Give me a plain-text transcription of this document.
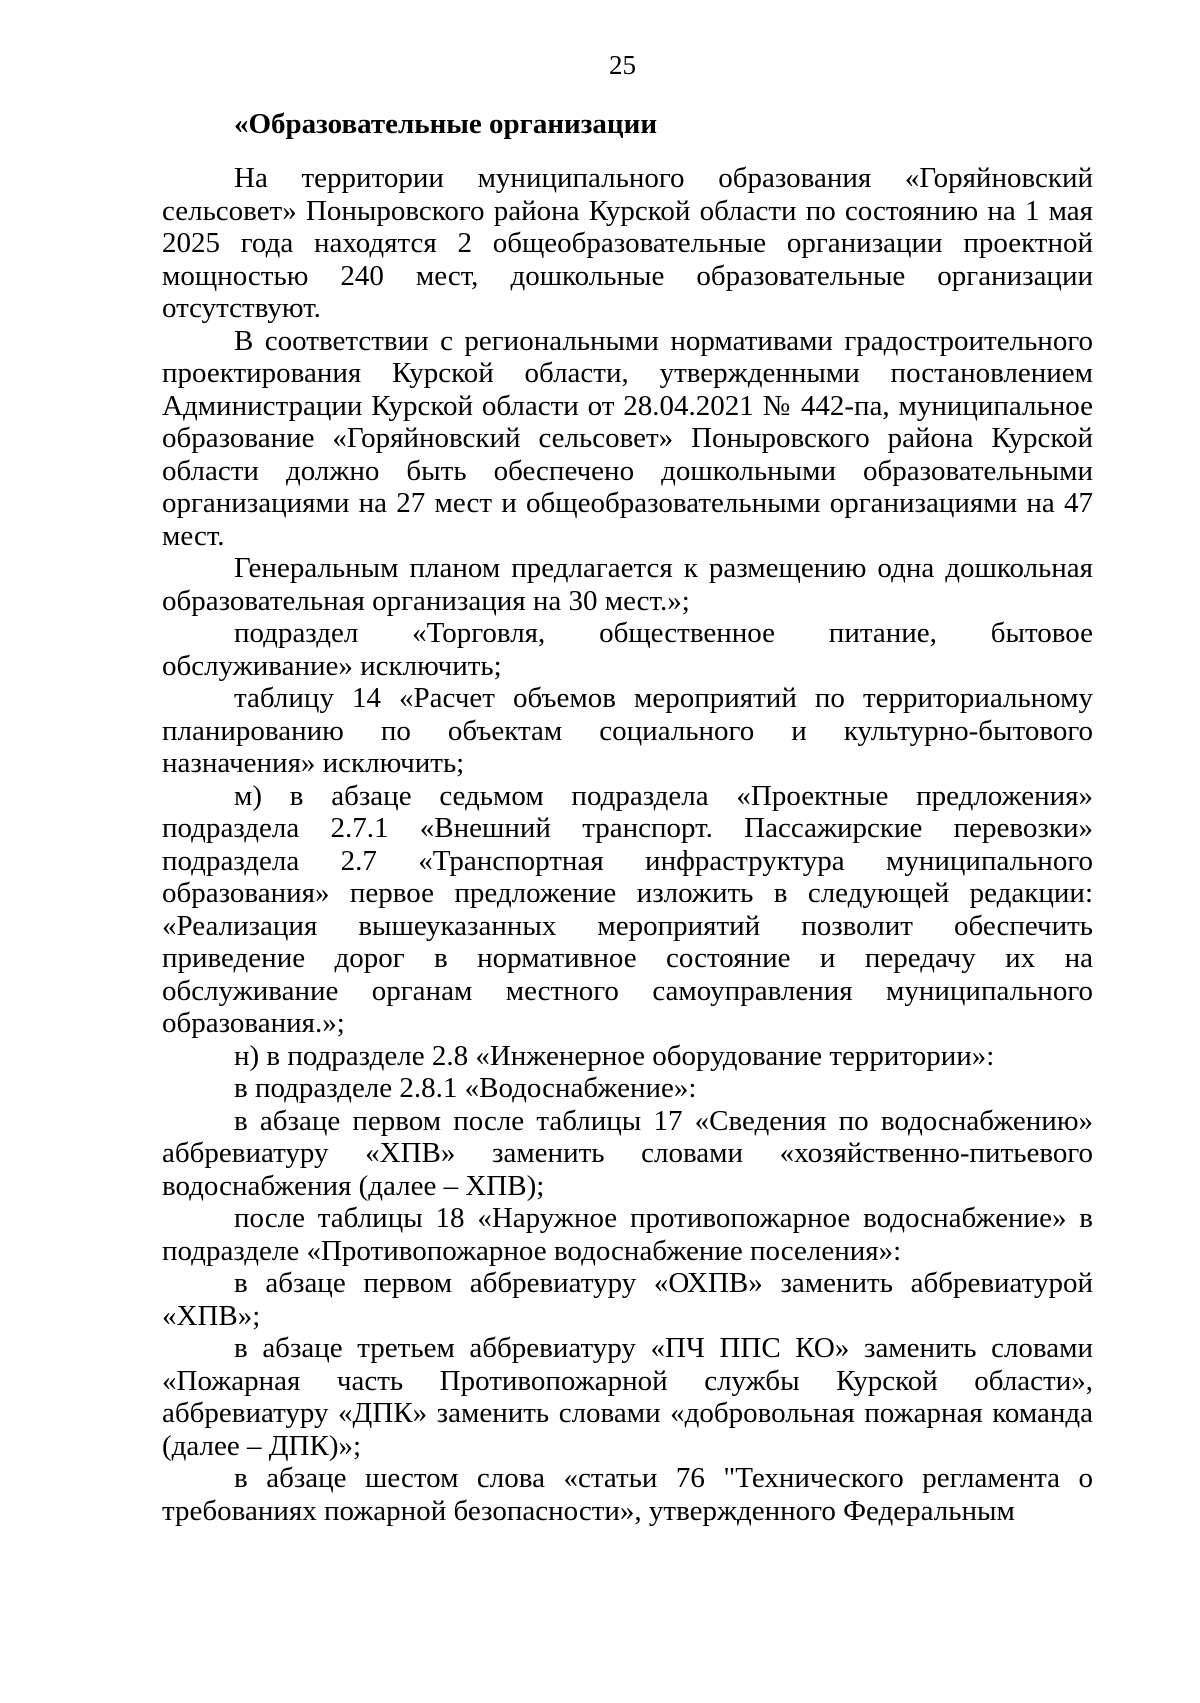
25
«Образовательные организации

На территории муниципального образования «Горяйновский сельсовет» Поныровского района Курской области по состоянию на 1 мая 2025 года находятся 2 общеобразовательные организации проектной мощностью 240 мест, дошкольные образовательные организации отсутствуют.

В соответствии с региональными нормативами градостроительного проектирования Курской области, утвержденными постановлением Администрации Курской области от 28.04.2021 № 442-па, муниципальное образование «Горяйновский сельсовет» Поныровского района Курской области должно быть обеспечено дошкольными образовательными организациями на 27 мест и общеобразовательными организациями на 47 мест.

Генеральным планом предлагается к размещению одна дошкольная образовательная организация на 30 мест.»;

подраздел «Торговля, общественное питание, бытовое обслуживание» исключить;

таблицу 14 «Расчет объемов мероприятий по территориальному планированию по объектам социального и культурно-бытового назначения» исключить;

м) в абзаце седьмом подраздела «Проектные предложения» подраздела 2.7.1 «Внешний транспорт. Пассажирские перевозки» подраздела 2.7 «Транспортная инфраструктура муниципального образования» первое предложение изложить в следующей редакции: «Реализация вышеуказанных мероприятий позволит обеспечить приведение дорог в нормативное состояние и передачу их на обслуживание органам местного самоуправления муниципального образования.»;

н) в подразделе 2.8 «Инженерное оборудование территории»:

в подразделе 2.8.1 «Водоснабжение»:

в абзаце первом после таблицы 17 «Сведения по водоснабжению» аббревиатуру «ХПВ» заменить словами «хозяйственно-питьевого водоснабжения (далее – ХПВ);

после таблицы 18 «Наружное противопожарное водоснабжение» в подразделе «Противопожарное водоснабжение поселения»:

в абзаце первом аббревиатуру «ОХПВ» заменить аббревиатурой «ХПВ»;

в абзаце третьем аббревиатуру «ПЧ ППС КО» заменить словами «Пожарная часть Противопожарной службы Курской области», аббревиатуру «ДПК» заменить словами «добровольная пожарная команда (далее – ДПК)»;

в абзаце шестом слова «статьи 76 "Технического регламента о требованиях пожарной безопасности», утвержденного Федеральным
